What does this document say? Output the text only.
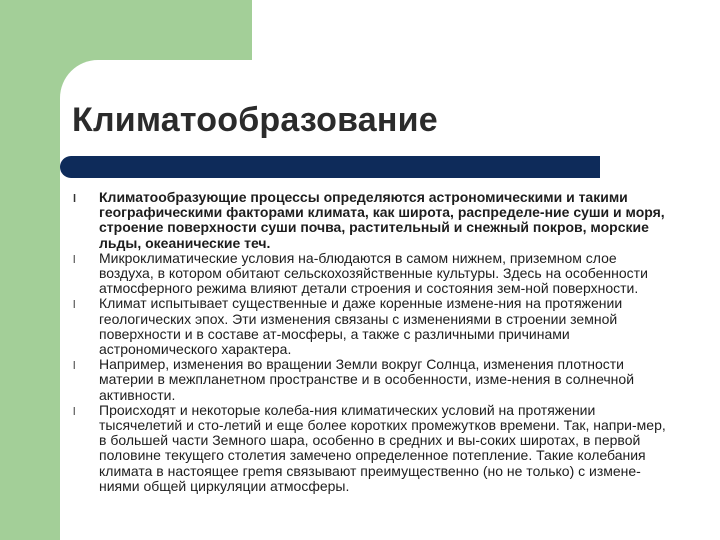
Климатообразование
l Климатообразующие процессы определяются астрономическими и такими географическими факторами климата, как широта, распределе-ние суши и моря, строение поверхности суши почва, растительный и снежный покров, морские льды, океанические теч.
l Микроклиматические условия на-блюдаются в самом нижнем, приземном слое воздуха, в котором обитают сельскохозяйственные культуры. Здесь на особенности атмосферного режима влияют детали строения и состояния зем-ной поверхности.
l Климат испытывает существенные и даже коренные измене-ния на протяжении геологических эпох. Эти изменения связаны с изменениями в строении земной поверхности и в составе ат-мосферы, а также с различными причинами астрономического характера.
l Например, изменения во вращении Земли вокруг Солнца, изменения плотности материи в межпланетном пространстве и в особенности, изме-нения в солнечной активности.
l Происходят и некоторые колеба-ния климатических условий на протяжении тысячелетий и сто-летий и еще более коротких промежутков времени. Так, напри-мер, в большей части Земного шара, особенно в средних и вы-соких широтах, в первой половине текущего столетия замечено определенное потепление. Такие колебания климата в настоящее греmя связывают преимущественно (но не только) с измене-ниями общей циркуляции атмосферы.
